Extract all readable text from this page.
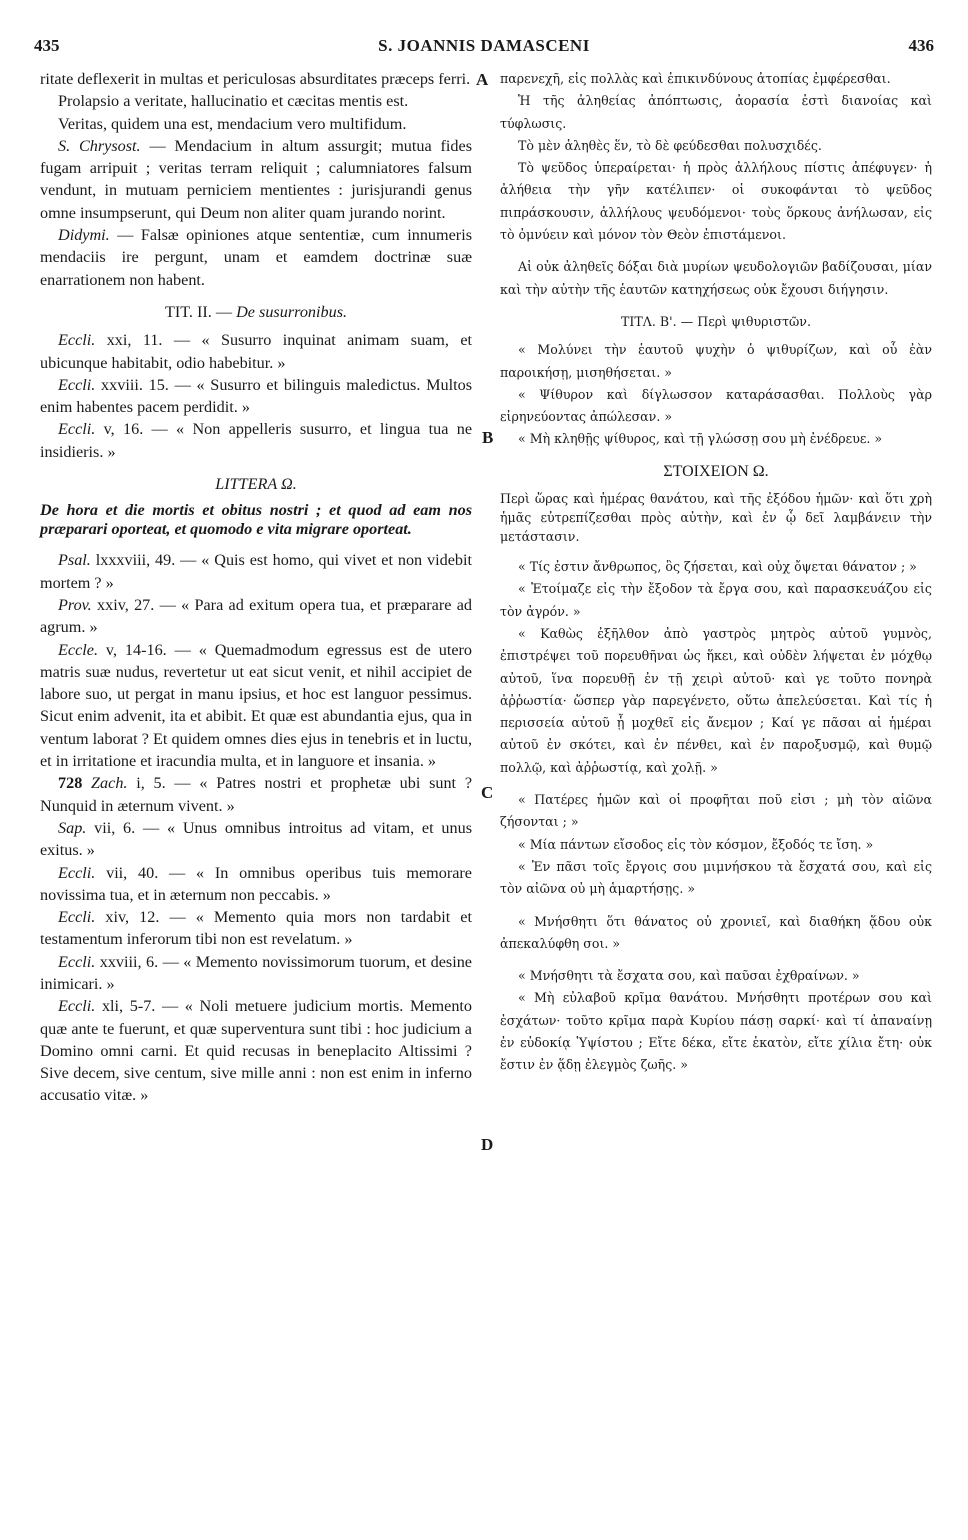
435	S. JOANNIS DAMASCENI	436
A
B
C
D

ritate deflexerit in multas et periculosas absurditates præceps ferri.

Prolapsio a veritate, hallucinatio et cæcitas mentis est.

Veritas, quidem una est, mendacium vero multifidum.

S. Chrysost. — Mendacium in altum assurgit; mutua fides fugam arripuit ; veritas terram reliquit ; calumniatores falsum vendunt, in mutuam perniciem mentientes : jurisjurandi genus omne insumpserunt, qui Deum non aliter quam jurando norint.

Didymi. — Falsæ opiniones atque sententiæ, cum innumeris mendaciis ire pergunt, unam et eamdem doctrinæ suæ enarrationem non habent.

TIT. II. — De susurronibus.

Eccli. xxi, 11. — « Susurro inquinat animam suam, et ubicunque habitabit, odio habebitur. »

Eccli. xxviii. 15. — « Susurro et bilinguis maledictus. Multos enim habentes pacem perdidit. »

Eccli. v, 16. — « Non appelleris susurro, et lingua tua ne insidieris. »

LITTERA Ω.

De hora et die mortis et obitus nostri ; et quod ad eam nos præparari oporteat, et quomodo e vita migrare oporteat.

Psal. lxxxviii, 49. — « Quis est homo, qui vivet et non videbit mortem ? »

Prov. xxiv, 27. — « Para ad exitum opera tua, et præparare ad agrum. »

Eccle. v, 14-16. — « Quemadmodum egressus est de utero matris suæ nudus, revertetur ut eat sicut venit, et nihil accipiet de labore suo, ut pergat in manu ipsius, et hoc est languor pessimus. Sicut enim advenit, ita et abibit. Et quæ est abundantia ejus, qua in ventum laborat ? Et quidem omnes dies ejus in tenebris et in luctu, et in irritatione et iracundia multa, et in languore et insania. »

728 Zach. i, 5. — « Patres nostri et prophetæ ubi sunt ? Nunquid in æternum vivent. »

Sap. vii, 6. — « Unus omnibus introitus ad vitam, et unus exitus. »

Eccli. vii, 40. — « In omnibus operibus tuis memorare novissima tua, et in æternum non peccabis. »

Eccli. xiv, 12. — « Memento quia mors non tardabit et testamentum inferorum tibi non est revelatum. »

Eccli. xxviii, 6. — « Memento novissimorum tuorum, et desine inimicari. »

Eccli. xli, 5-7. — « Noli metuere judicium mortis. Memento quæ ante te fuerunt, et quæ superventura sunt tibi : hoc judicium a Domino omni carni. Et quid recusas in beneplacito Altissimi ? Sive decem, sive centum, sive mille anni : non est enim in inferno accusatio vitæ. »

παρενεχῆ, εἰς πολλὰς καὶ ἐπικινδύνους ἀτοπίας ἐμφέρεσθαι.

Ἡ τῆς ἀληθείας ἀπόπτωσις, ἀορασία ἐστὶ διανοίας καὶ τύφλωσις.

Τὸ μὲν ἀληθὲς ἕν, τὸ δὲ φεύδεσθαι πολυσχιδές.

Τὸ ψεῦδος ὑπεραίρεται· ἡ πρὸς ἀλλήλους πίστις ἀπέφυγεν· ἡ ἀλήθεια τὴν γῆν κατέλιπεν· οἱ συκοφάνται τὸ ψεῦδος πιπράσκουσιν, ἀλλήλους ψευδόμενοι· τοὺς ὅρκους ἀνήλωσαν, εἰς τὸ ὀμνύειν καὶ μόνον τὸν Θεὸν ἐπιστάμενοι.

Αἱ οὐκ ἀληθεῖς δόξαι διὰ μυρίων ψευδολογιῶν βαδίζουσαι, μίαν καὶ τὴν αὐτὴν τῆς ἑαυτῶν κατηχήσεως οὐκ ἔχουσι διήγησιν.

ΤΙΤΛ. Β'. — Περὶ ψιθυριστῶν.

« Μολύνει τὴν ἑαυτοῦ ψυχὴν ὁ ψιθυρίζων, καὶ οὗ ἐὰν παροικήσῃ, μισηθήσεται. »

« Ψίθυρον καὶ δίγλωσσον καταράσασθαι. Πολλοὺς γὰρ εἰρηνεύοντας ἀπώλεσαν. »

« Μὴ κληθῇς ψίθυρος, καὶ τῇ γλώσσῃ σου μὴ ἐνέδρευε. »

ΣΤΟΙΧΕΙΟΝ Ω.

Περὶ ὥρας καὶ ἡμέρας θανάτου, καὶ τῆς ἐξόδου ἡμῶν· καὶ ὅτι χρὴ ἡμᾶς εὐτρεπίζεσθαι πρὸς αὐτὴν, καὶ ἐν ᾧ δεῖ λαμβάνειν τὴν μετάστασιν.

« Τίς ἐστιν ἄνθρωπος, ὃς ζήσεται, καὶ οὐχ ὄψεται θάνατον ; »

« Ἑτοίμαζε εἰς τὴν ἔξοδον τὰ ἔργα σου, καὶ παρασκευάζου εἰς τὸν ἀγρόν. »

« Καθὼς ἐξῆλθον ἀπὸ γαστρὸς μητρὸς αὐτοῦ γυμνὸς, ἐπιστρέψει τοῦ πορευθῆναι ὡς ἥκει, καὶ οὐδὲν λήψεται ἐν μόχθῳ αὐτοῦ, ἵνα πορευθῇ ἐν τῇ χειρὶ αὐτοῦ· καὶ γε τοῦτο πονηρὰ ἀῤῥωστία· ὥσπερ γὰρ παρεγένετο, οὕτω ἀπελεύσεται. Καὶ τίς ἡ περισσεία αὐτοῦ ᾗ μοχθεῖ εἰς ἄνεμον ; Καί γε πᾶσαι αἱ ἡμέραι αὐτοῦ ἐν σκότει, καὶ ἐν πένθει, καὶ ἐν παροξυσμῷ, καὶ θυμῷ πολλῷ, καὶ ἀῤῥωστίᾳ, καὶ χολῇ. »

« Πατέρες ἡμῶν καὶ οἱ προφῆται ποῦ εἰσι ; μὴ τὸν αἰῶνα ζήσονται ; »

« Μία πάντων εἴσοδος εἰς τὸν κόσμον, ἔξοδός τε ἴση. »

« Ἐν πᾶσι τοῖς ἔργοις σου μιμνήσκου τὰ ἔσχατά σου, καὶ εἰς τὸν αἰῶνα οὐ μὴ ἁμαρτήσῃς. »

« Μνήσθητι ὅτι θάνατος οὐ χρονιεῖ, καὶ διαθήκη ᾅδου οὐκ ἀπεκαλύφθη σοι. »

« Μνήσθητι τὰ ἔσχατα σου, καὶ παῦσαι ἐχθραίνων. »

« Μὴ εὐλαβοῦ κρῖμα θανάτου. Μνήσθητι προτέρων σου καὶ ἐσχάτων· τοῦτο κρῖμα παρὰ Κυρίου πάσῃ σαρκί· καὶ τί ἀπαναίνῃ ἐν εὐδοκίᾳ Ὑψίστου ; Εἴτε δέκα, εἴτε ἑκατὸν, εἴτε χίλια ἔτη· οὐκ ἔστιν ἐν ᾅδῃ ἐλεγμὸς ζωῆς. »
